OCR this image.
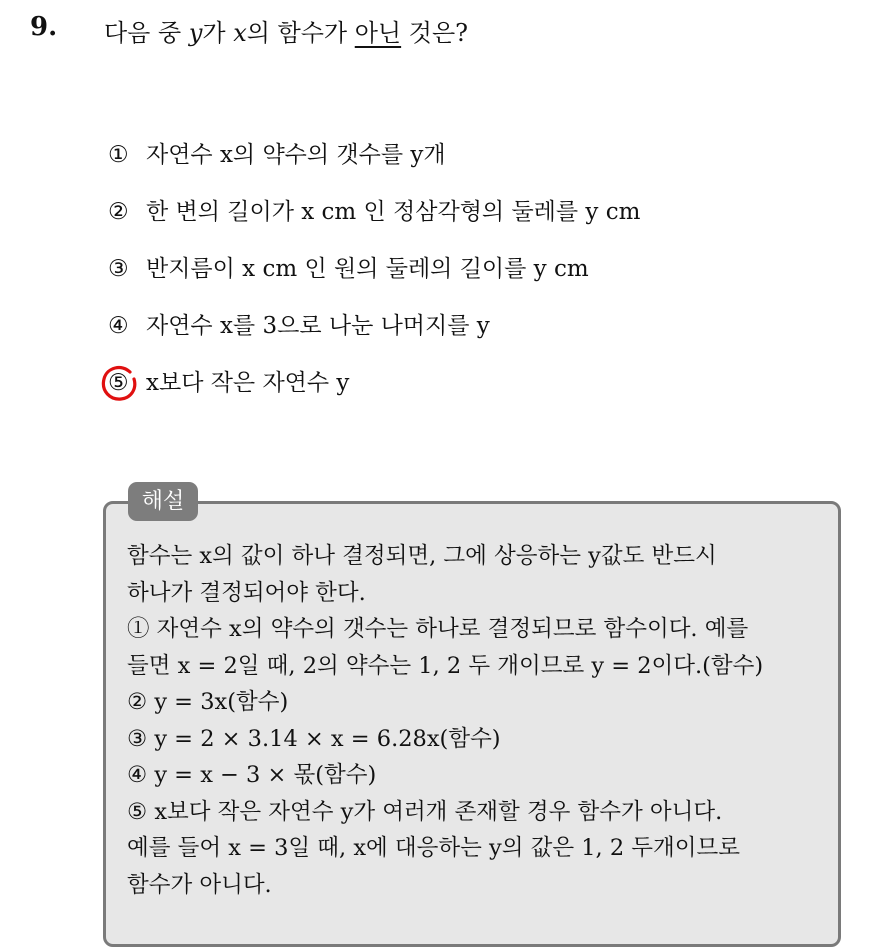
9. 다음 중 y가 x의 함수가 아닌 것은?
① 자연수 x의 약수의 갯수를 y개
② 한 변의 길이가 x cm 인 정삼각형의 둘레를 y cm
③ 반지름이 x cm 인 원의 둘레의 길이를 y cm
④ 자연수 x를 3으로 나눈 나머지를 y
⑤ x보다 작은 자연수 y
해설
함수는 x의 값이 하나 결정되면, 그에 상응하는 y값도 반드시
하나가 결정되어야 한다.
① 자연수 x의 약수의 갯수는 하나로 결정되므로 함수이다. 예를
들면 x = 2일 때, 2의 약수는 1, 2 두 개이므로 y = 2이다.(함수)
② y = 3x(함수)
③ y = 2 × 3.14 × x = 6.28x(함수)
④ y = x − 3 × 몫(함수)
⑤ x보다 작은 자연수 y가 여러개 존재할 경우 함수가 아니다.
예를 들어 x = 3일 때, x에 대응하는 y의 값은 1, 2 두개이므로
함수가 아니다.
